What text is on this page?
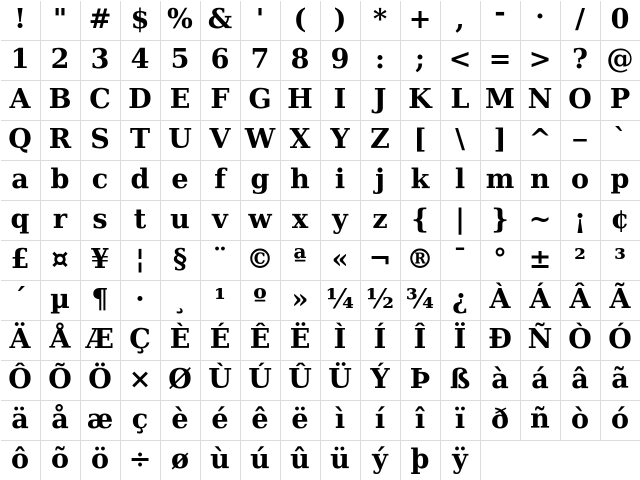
!	" # $ % & '	(	) * + ,	-	.	/ 0
1 2 3 4 5 6 7 8 9 :	; < = > ? @
A B C D E F G H I	J K L M N O P
Q R S T U V W X Y Z [	\	] ^ _ `
a b c d e f g h i	j k l m n o p
q r s t u v w x y z { | } ~ ¡ ¢
£ ¤ ¥ ¦	§ ¨ © ª « ¬ ® ¯ ° ± ²	³
´ µ ¶ ·	¸	¹	º » ¼ ½ ¾ ¿ À Á Â Ã
Ä Å Æ Ç È É Ê Ë Ì	Í	Î	Ï Ð Ñ Ò Ó
Ô Õ Ö × Ø Ù Ú Û Ü Ý Þ ß à á â ã
ä å æ ç è é ê ë ì	í	î	ï ð ñ ò ó
ô õ ö ÷ ø ù ú û ü ý þ ÿ
